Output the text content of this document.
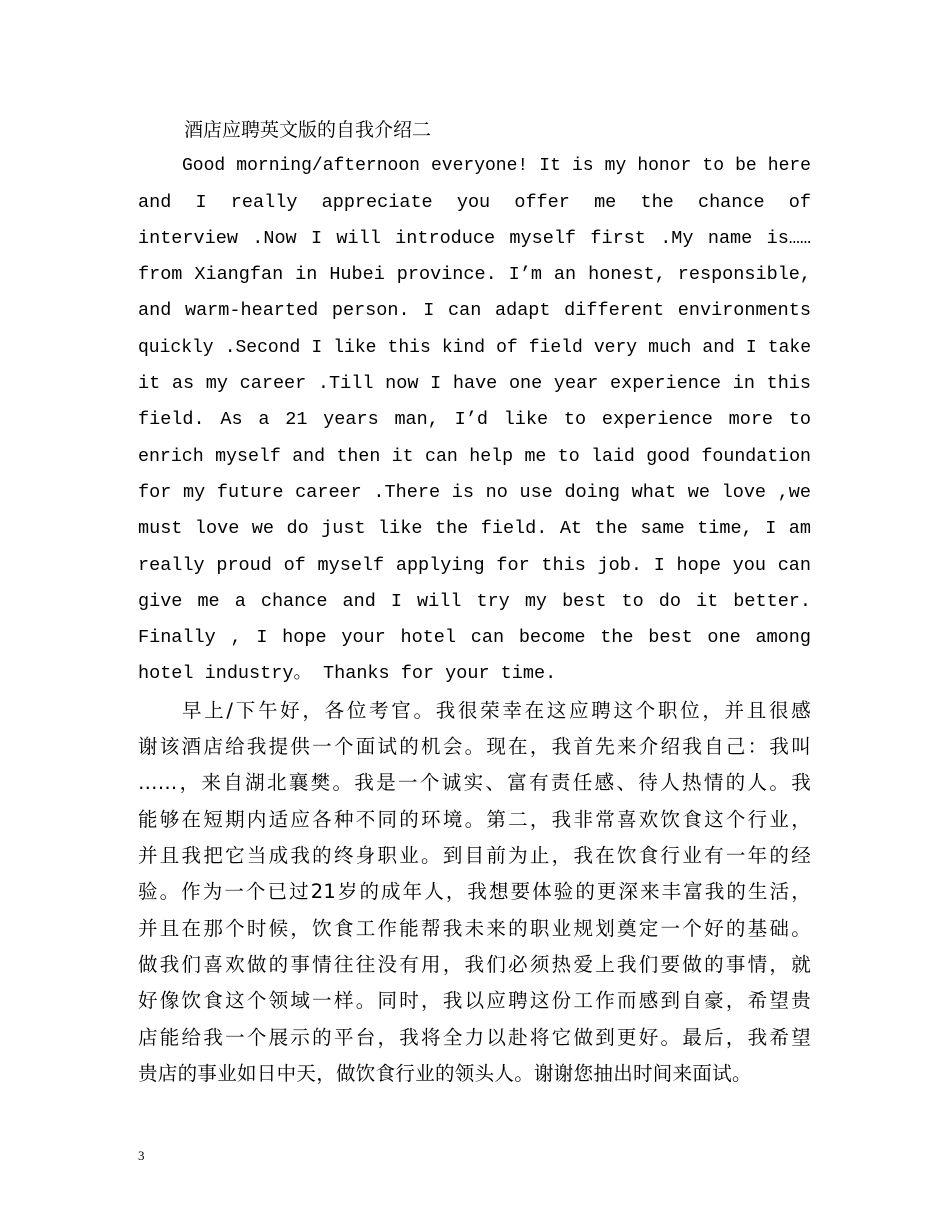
酒店应聘英文版的自我介绍二
Good morning/afternoon everyone! It is my honor to be here
and I really appreciate you offer me the chance of
interview .Now I will introduce myself first .My name is……
from Xiangfan in Hubei province. I’m an honest, responsible,
and warm-hearted person. I can adapt different environments
quickly .Second I like this kind of field very much and I take
it as my career .Till now I have one year experience in this
field. As a 21 years man, I’d like to experience more to
enrich myself and then it can help me to laid good foundation
for my future career .There is no use doing what we love ,we
must love we do just like the field. At the same time, I am
really proud of myself applying for this job. I hope you can
give me a chance and I will try my best to do it better.
Finally , I hope your hotel can become the best one among
hotel industry。 Thanks for your time.
早上/下午好，各位考官。我很荣幸在这应聘这个职位，并且很感
谢该酒店给我提供一个面试的机会。现在，我首先来介绍我自己：我叫
……，来自湖北襄樊。我是一个诚实、富有责任感、待人热情的人。我
能够在短期内适应各种不同的环境。第二，我非常喜欢饮食这个行业，
并且我把它当成我的终身职业。到目前为止，我在饮食行业有一年的经
验。作为一个已过21岁的成年人，我想要体验的更深来丰富我的生活，
并且在那个时候，饮食工作能帮我未来的职业规划奠定一个好的基础。
做我们喜欢做的事情往往没有用，我们必须热爱上我们要做的事情，就
好像饮食这个领域一样。同时，我以应聘这份工作而感到自豪，希望贵
店能给我一个展示的平台，我将全力以赴将它做到更好。最后，我希望
贵店的事业如日中天，做饮食行业的领头人。谢谢您抽出时间来面试。
3
